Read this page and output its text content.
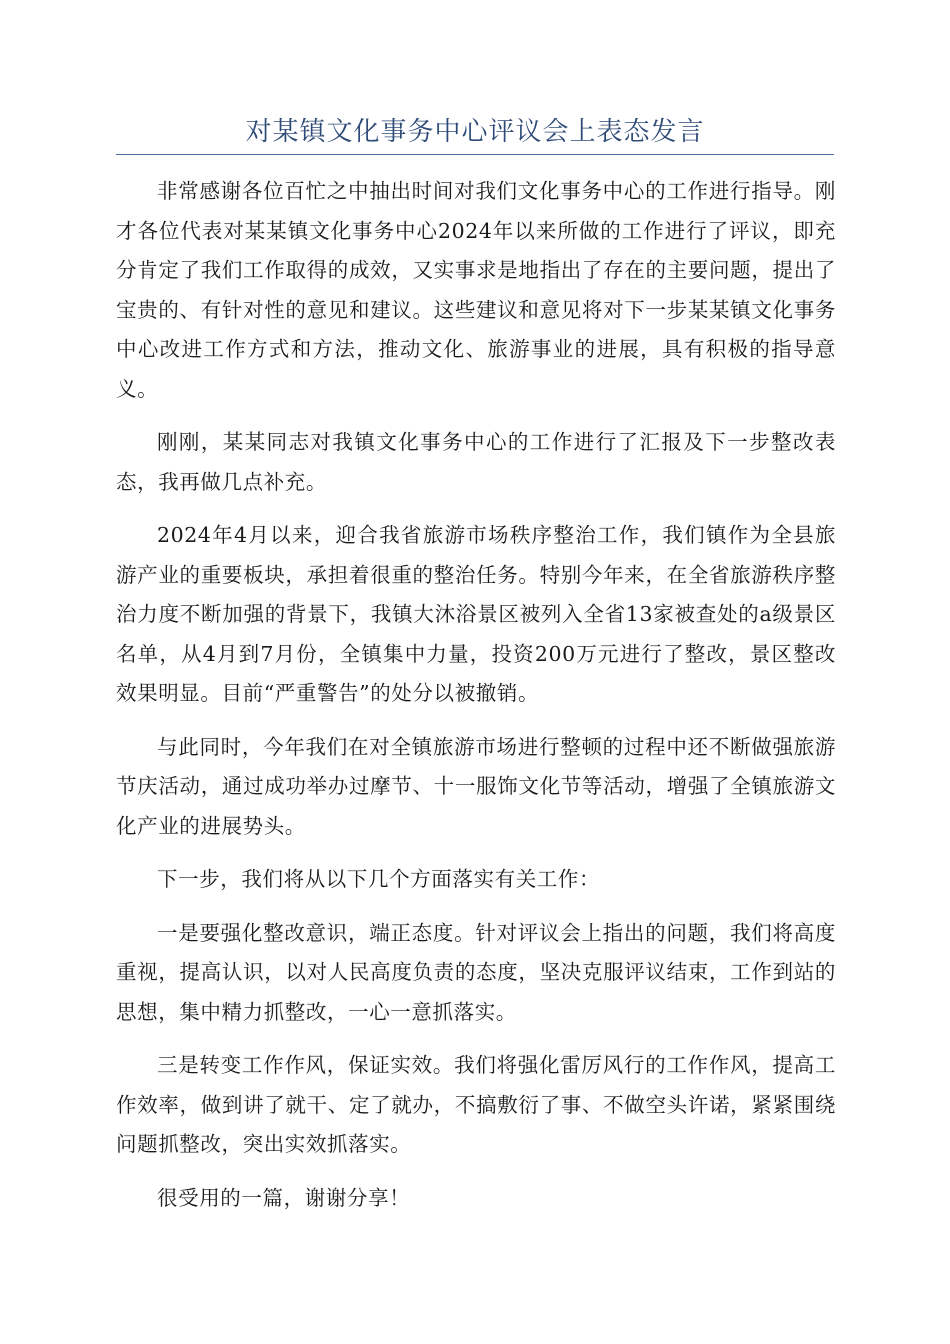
对某镇文化事务中心评议会上表态发言

非常感谢各位百忙之中抽出时间对我们文化事务中心的工作进行指导。刚才各位代表对某某镇文化事务中心2024年以来所做的工作进行了评议，即充分肯定了我们工作取得的成效，又实事求是地指出了存在的主要问题，提出了宝贵的、有针对性的意见和建议。这些建议和意见将对下一步某某镇文化事务中心改进工作方式和方法，推动文化、旅游事业的进展，具有积极的指导意义。

刚刚，某某同志对我镇文化事务中心的工作进行了汇报及下一步整改表态，我再做几点补充。

2024年4月以来，迎合我省旅游市场秩序整治工作，我们镇作为全县旅游产业的重要板块，承担着很重的整治任务。特别今年来，在全省旅游秩序整治力度不断加强的背景下，我镇大沐浴景区被列入全省13家被查处的a级景区名单，从4月到7月份，全镇集中力量，投资200万元进行了整改，景区整改效果明显。目前“严重警告”的处分以被撤销。

与此同时，今年我们在对全镇旅游市场进行整顿的过程中还不断做强旅游节庆活动，通过成功举办过摩节、十一服饰文化节等活动，增强了全镇旅游文化产业的进展势头。

下一步，我们将从以下几个方面落实有关工作：

一是要强化整改意识，端正态度。针对评议会上指出的问题，我们将高度重视，提高认识，以对人民高度负责的态度，坚决克服评议结束，工作到站的思想，集中精力抓整改，一心一意抓落实。

三是转变工作作风，保证实效。我们将强化雷厉风行的工作作风，提高工作效率，做到讲了就干、定了就办，不搞敷衍了事、不做空头许诺，紧紧围绕问题抓整改，突出实效抓落实。

很受用的一篇，谢谢分享！
